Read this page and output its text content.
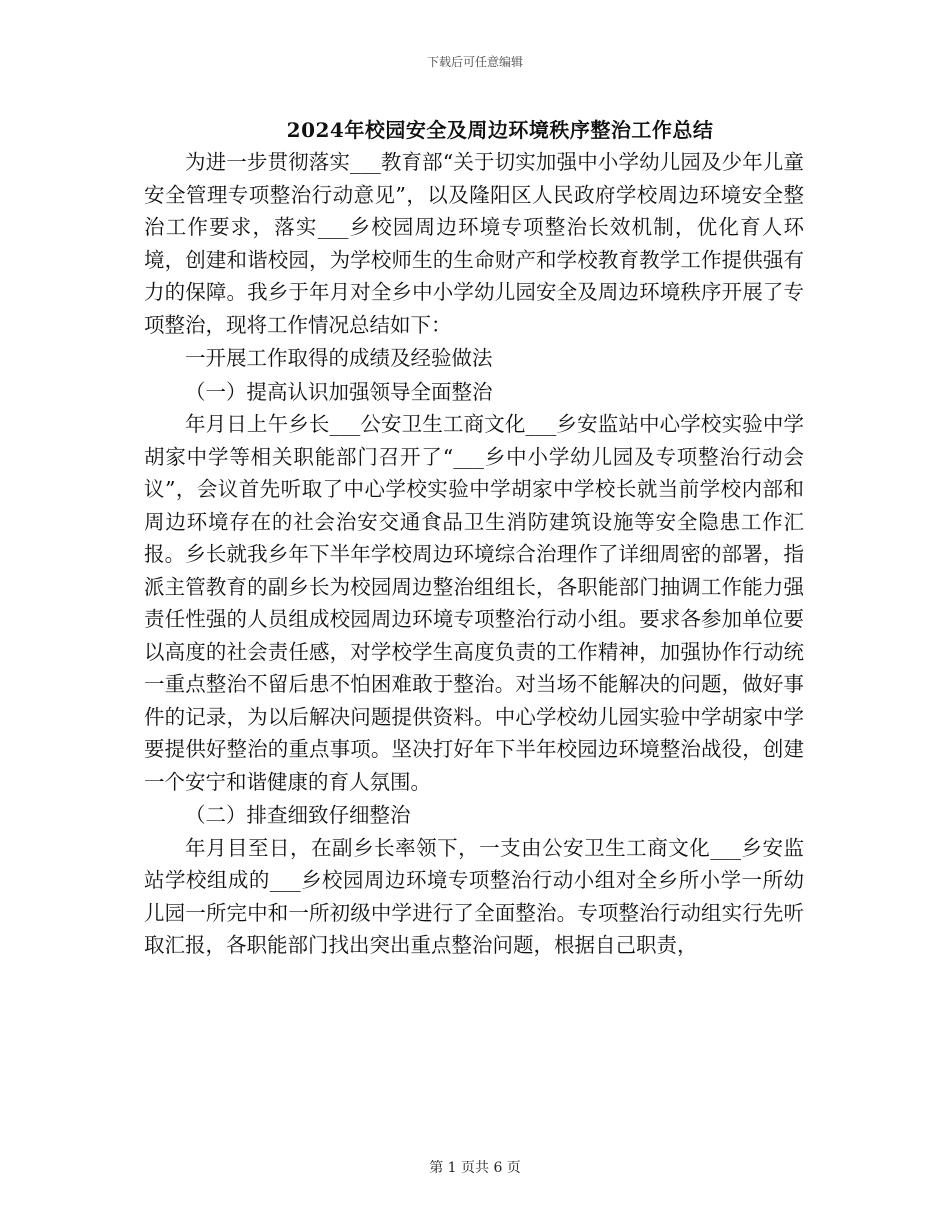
下载后可任意编辑
2024年校园安全及周边环境秩序整治工作总结

为进一步贯彻落实___教育部“关于切实加强中小学幼儿园及少年儿童安全管理专项整治行动意见”，以及隆阳区人民政府学校周边环境安全整治工作要求，落实___乡校园周边环境专项整治长效机制，优化育人环境，创建和谐校园，为学校师生的生命财产和学校教育教学工作提供强有力的保障。我乡于年月对全乡中小学幼儿园安全及周边环境秩序开展了专项整治，现将工作情况总结如下：

一开展工作取得的成绩及经验做法

（一）提高认识加强领导全面整治

年月日上午乡长___公安卫生工商文化___乡安监站中心学校实验中学胡家中学等相关职能部门召开了“___乡中小学幼儿园及专项整治行动会议”，会议首先听取了中心学校实验中学胡家中学校长就当前学校内部和周边环境存在的社会治安交通食品卫生消防建筑设施等安全隐患工作汇报。乡长就我乡年下半年学校周边环境综合治理作了详细周密的部署，指派主管教育的副乡长为校园周边整治组组长，各职能部门抽调工作能力强责任性强的人员组成校园周边环境专项整治行动小组。要求各参加单位要以高度的社会责任感，对学校学生高度负责的工作精神，加强协作行动统一重点整治不留后患不怕困难敢于整治。对当场不能解决的问题，做好事件的记录，为以后解决问题提供资料。中心学校幼儿园实验中学胡家中学要提供好整治的重点事项。坚决打好年下半年校园边环境整治战役，创建一个安宁和谐健康的育人氛围。

（二）排查细致仔细整治

年月目至日，在副乡长率领下，一支由公安卫生工商文化___乡安监站学校组成的___乡校园周边环境专项整治行动小组对全乡所小学一所幼儿园一所完中和一所初级中学进行了全面整治。专项整治行动组实行先听取汇报，各职能部门找出突出重点整治问题，根据自己职责，

第 1 页共 6 页
